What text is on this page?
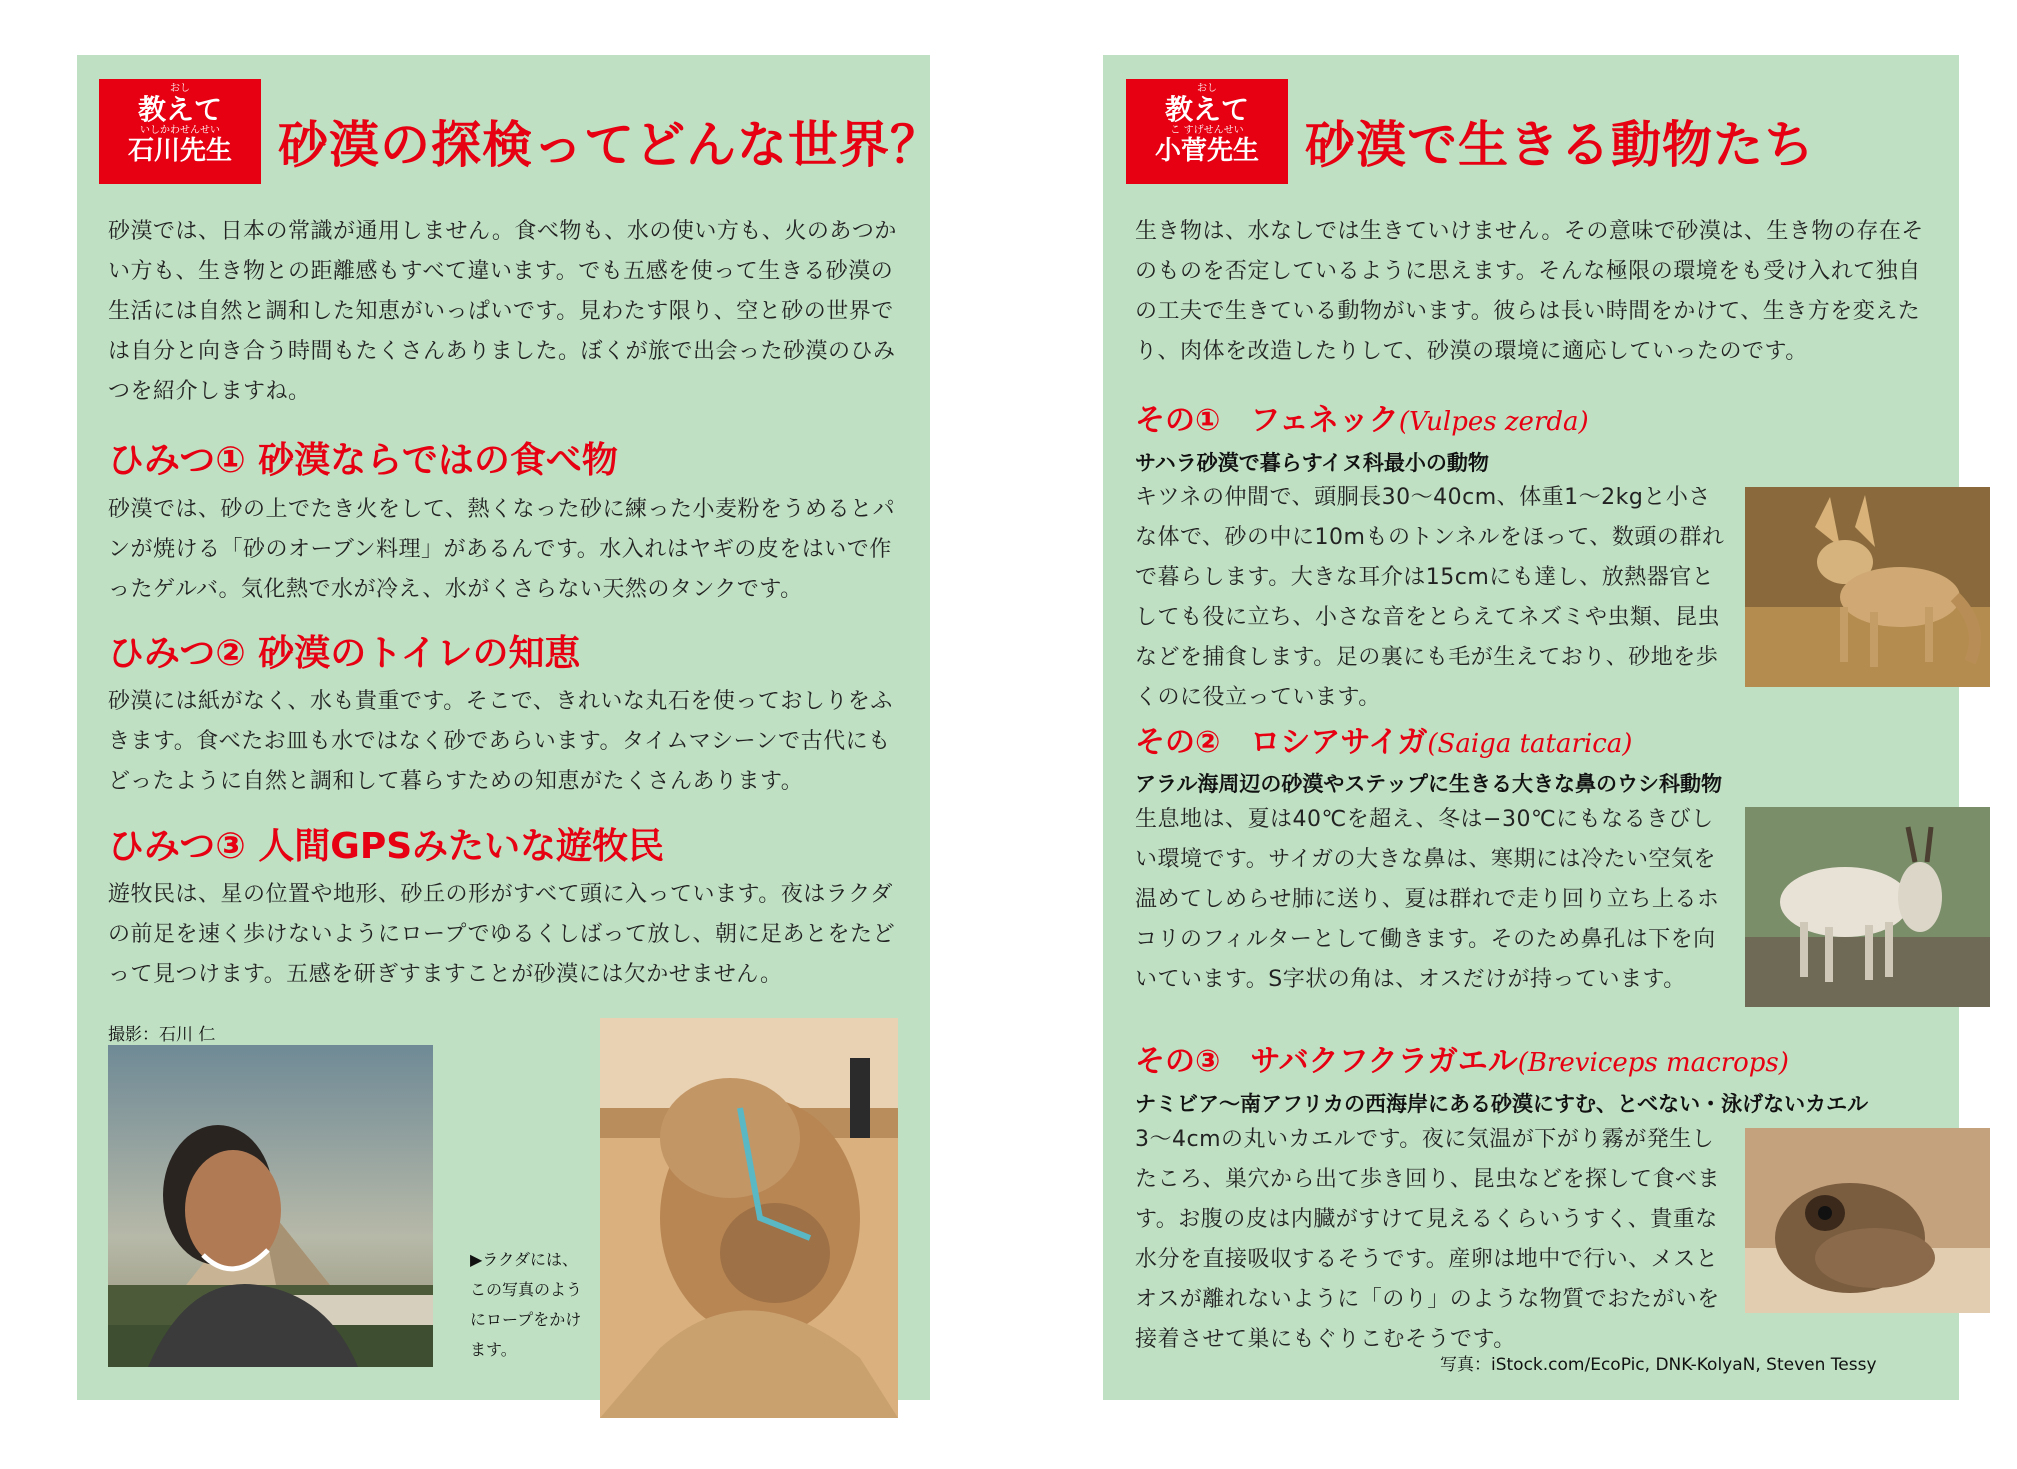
おし
教えて
いしかわせんせい
石川先生 砂漠の探検ってどんな世界？
砂漠では、日本の常識が通用しません。食べ物も、水の使い方も、火のあつかい方も、生き物との距離感もすべて違います。でも五感を使って生きる砂漠の生活には自然と調和した知恵がいっぱいです。見わたす限り、空と砂の世界では自分と向き合う時間もたくさんありました。ぼくが旅で出会った砂漠のひみつを紹介しますね。
ひみつ① 砂漠ならではの食べ物
砂漠では、砂の上でたき火をして、熱くなった砂に練った小麦粉をうめるとパンが焼ける「砂のオーブン料理」があるんです。水入れはヤギの皮をはいで作ったゲルバ。気化熱で水が冷え、水がくさらない天然のタンクです。
ひみつ② 砂漠のトイレの知恵
砂漠には紙がなく、水も貴重です。そこで、きれいな丸石を使っておしりをふきます。食べたお皿も水ではなく砂であらいます。タイムマシーンで古代にもどったように自然と調和して暮らすための知恵がたくさんあります。
ひみつ③ 人間GPSみたいな遊牧民
遊牧民は、星の位置や地形、砂丘の形がすべて頭に入っています。夜はラクダの前足を速く歩けないようにロープでゆるくしばって放し、朝に足あとをたどって見つけます。五感を研ぎすますことが砂漠には欠かせません。
撮影：石川 仁
▶ラクダには、この写真のようにロープをかけます。
おし
教えて
こ すげせんせい
小菅先生 砂漠で生きる動物たち
生き物は、水なしでは生きていけません。その意味で砂漠は、生き物の存在そのものを否定しているように思えます。そんな極限の環境をも受け入れて独自の工夫で生きている動物がいます。彼らは長い時間をかけて、生き方を変えたり、肉体を改造したりして、砂漠の環境に適応していったのです。
その① フェネック(Vulpes zerda)
サハラ砂漠で暮らすイヌ科最小の動物
キツネの仲間で、頭胴長30〜40cm、体重1〜2kgと小さな体で、砂の中に10mものトンネルをほって、数頭の群れで暮らします。大きな耳介は15cmにも達し、放熱器官としても役に立ち、小さな音をとらえてネズミや虫類、昆虫などを捕食します。足の裏にも毛が生えており、砂地を歩くのに役立っています。
その② ロシアサイガ(Saiga tatarica)
アラル海周辺の砂漠やステップに生きる大きな鼻のウシ科動物
生息地は、夏は40℃を超え、冬は−30℃にもなるきびしい環境です。サイガの大きな鼻は、寒期には冷たい空気を温めてしめらせ肺に送り、夏は群れで走り回り立ち上るホコリのフィルターとして働きます。そのため鼻孔は下を向いています。S字状の角は、オスだけが持っています。
その③ サバクフクラガエル(Breviceps macrops)
ナミビア〜南アフリカの西海岸にある砂漠にすむ、とべない・泳げないカエル
3〜4cmの丸いカエルです。夜に気温が下がり霧が発生したころ、巣穴から出て歩き回り、昆虫などを探して食べます。お腹の皮は内臓がすけて見えるくらいうすく、貴重な水分を直接吸収するそうです。産卵は地中で行い、メスとオスが離れないように「のり」のような物質でおたがいを接着させて巣にもぐりこむそうです。
写真：iStock.com/EcoPic, DNK-KolyaN, Steven Tessy
